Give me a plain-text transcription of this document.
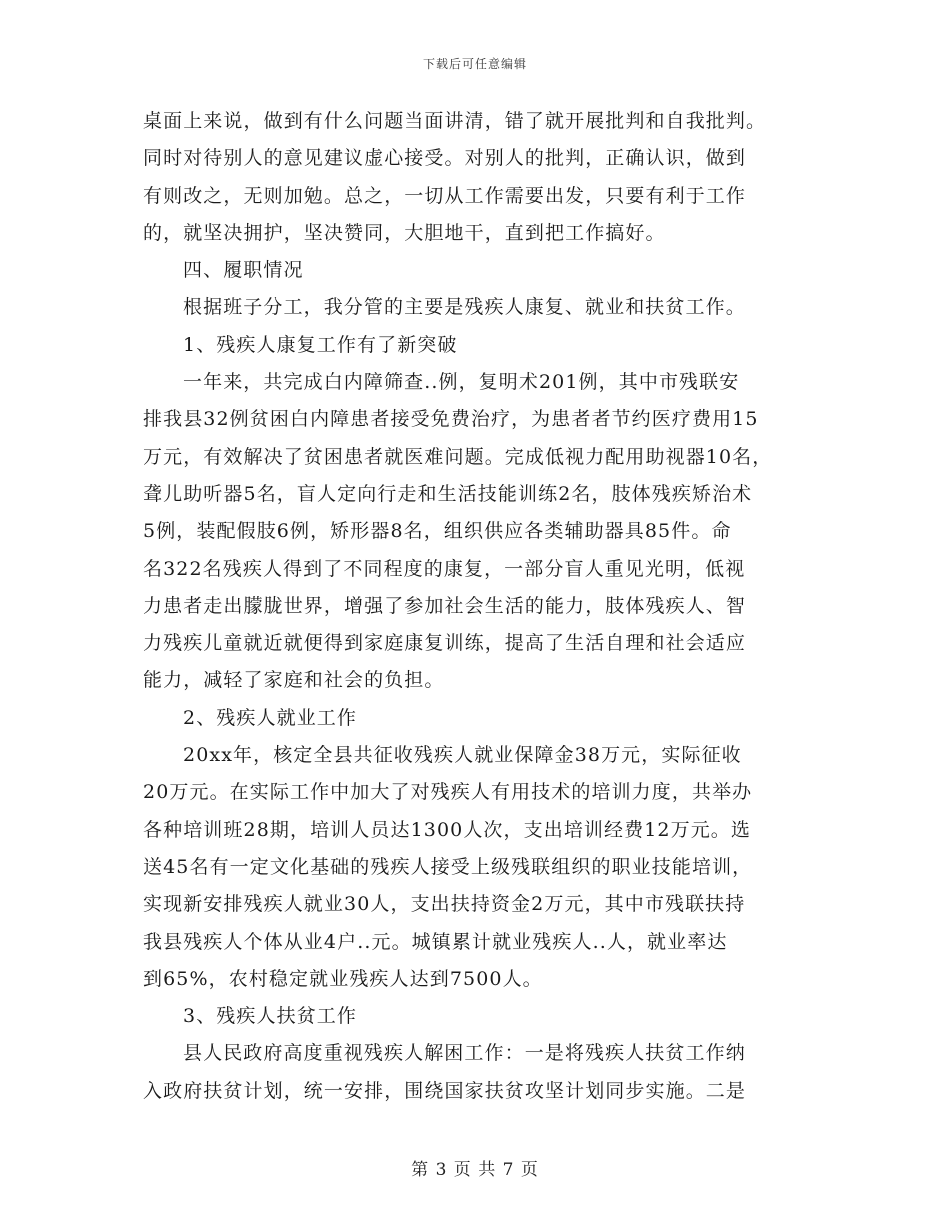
下载后可任意编辑
桌面上来说，做到有什么问题当面讲清，错了就开展批判和自我批判。
同时对待别人的意见建议虚心接受。对别人的批判，正确认识，做到
有则改之，无则加勉。总之，一切从工作需要出发，只要有利于工作
的，就坚决拥护，坚决赞同，大胆地干，直到把工作搞好。
四、履职情况
根据班子分工，我分管的主要是残疾人康复、就业和扶贫工作。
1、残疾人康复工作有了新突破
一年来，共完成白内障筛查..例，复明术201例，其中市残联安
排我县32例贫困白内障患者接受免费治疗，为患者者节约医疗费用15
万元，有效解决了贫困患者就医难问题。完成低视力配用助视器10名，
聋儿助听器5名，盲人定向行走和生活技能训练2名，肢体残疾矫治术
5例，装配假肢6例，矫形器8名，组织供应各类辅助器具85件。命
名322名残疾人得到了不同程度的康复，一部分盲人重见光明，低视
力患者走出朦胧世界，增强了参加社会生活的能力，肢体残疾人、智
力残疾儿童就近就便得到家庭康复训练，提高了生活自理和社会适应
能力，减轻了家庭和社会的负担。
2、残疾人就业工作
20xx年，核定全县共征收残疾人就业保障金38万元，实际征收
20万元。在实际工作中加大了对残疾人有用技术的培训力度，共举办
各种培训班28期，培训人员达1300人次，支出培训经费12万元。选
送45名有一定文化基础的残疾人接受上级残联组织的职业技能培训，
实现新安排残疾人就业30人，支出扶持资金2万元，其中市残联扶持
我县残疾人个体从业4户..元。城镇累计就业残疾人..人，就业率达
到65%，农村稳定就业残疾人达到7500人。
3、残疾人扶贫工作
县人民政府高度重视残疾人解困工作：一是将残疾人扶贫工作纳
入政府扶贫计划，统一安排，围绕国家扶贫攻坚计划同步实施。二是
第 3 页 共 7 页
